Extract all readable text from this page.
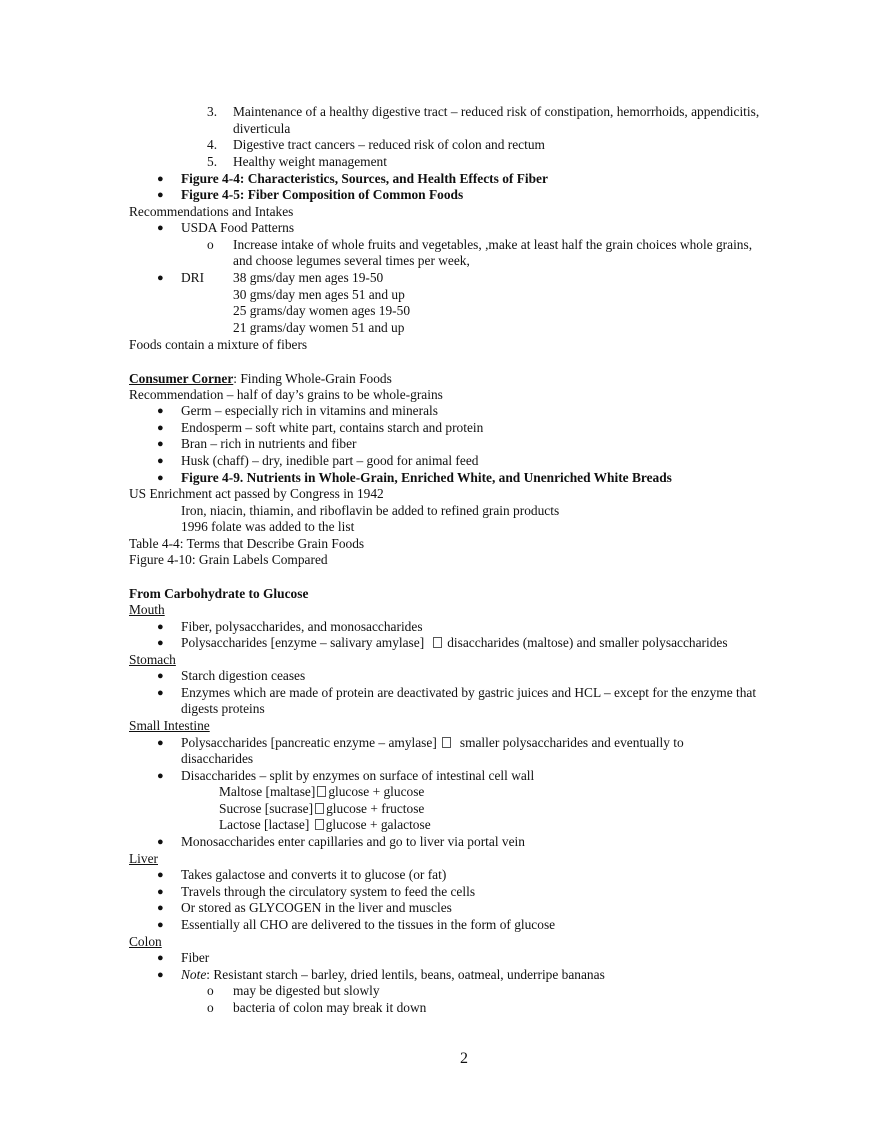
3. Maintenance of a healthy digestive tract – reduced risk of constipation, hemorrhoids, appendicitis,
diverticula
4. Digestive tract cancers – reduced risk of colon and rectum
5. Healthy weight management
● Figure 4-4: Characteristics, Sources, and Health Effects of Fiber
● Figure 4-5: Fiber Composition of Common Foods
Recommendations and Intakes
● USDA Food Patterns
o Increase intake of whole fruits and vegetables, ,make at least half the grain choices whole grains,
and choose legumes several times per week,
● DRI 38 gms/day men ages 19-50
30 gms/day men ages 51 and up
25 grams/day women ages 19-50
21 grams/day women 51 and up
Foods contain a mixture of fibers
Consumer Corner: Finding Whole-Grain Foods
Recommendation – half of day’s grains to be whole-grains
● Germ – especially rich in vitamins and minerals
● Endosperm – soft white part, contains starch and protein
● Bran – rich in nutrients and fiber
● Husk (chaff) – dry, inedible part – good for animal feed
● Figure 4-9. Nutrients in Whole-Grain, Enriched White, and Unenriched White Breads
US Enrichment act passed by Congress in 1942
Iron, niacin, thiamin, and riboflavin be added to refined grain products
1996 folate was added to the list
Table 4-4: Terms that Describe Grain Foods
Figure 4-10: Grain Labels Compared
From Carbohydrate to Glucose
Mouth
● Fiber, polysaccharides, and monosaccharides
● Polysaccharides [enzyme – salivary amylase] disaccharides (maltose) and smaller polysaccharides
Stomach
● Starch digestion ceases
● Enzymes which are made of protein are deactivated by gastric juices and HCL – except for the enzyme that
digests proteins
Small Intestine
● Polysaccharides [pancreatic enzyme – amylase] smaller polysaccharides and eventually to
disaccharides
● Disaccharides – split by enzymes on surface of intestinal cell wall
Maltose [maltase] glucose + glucose
Sucrose [sucrase] glucose + fructose
Lactose [lactase] glucose + galactose
● Monosaccharides enter capillaries and go to liver via portal vein
Liver
● Takes galactose and converts it to glucose (or fat)
● Travels through the circulatory system to feed the cells
● Or stored as GLYCOGEN in the liver and muscles
● Essentially all CHO are delivered to the tissues in the form of glucose
Colon
● Fiber
● Note: Resistant starch – barley, dried lentils, beans, oatmeal, underripe bananas
o may be digested but slowly
o bacteria of colon may break it down
2
